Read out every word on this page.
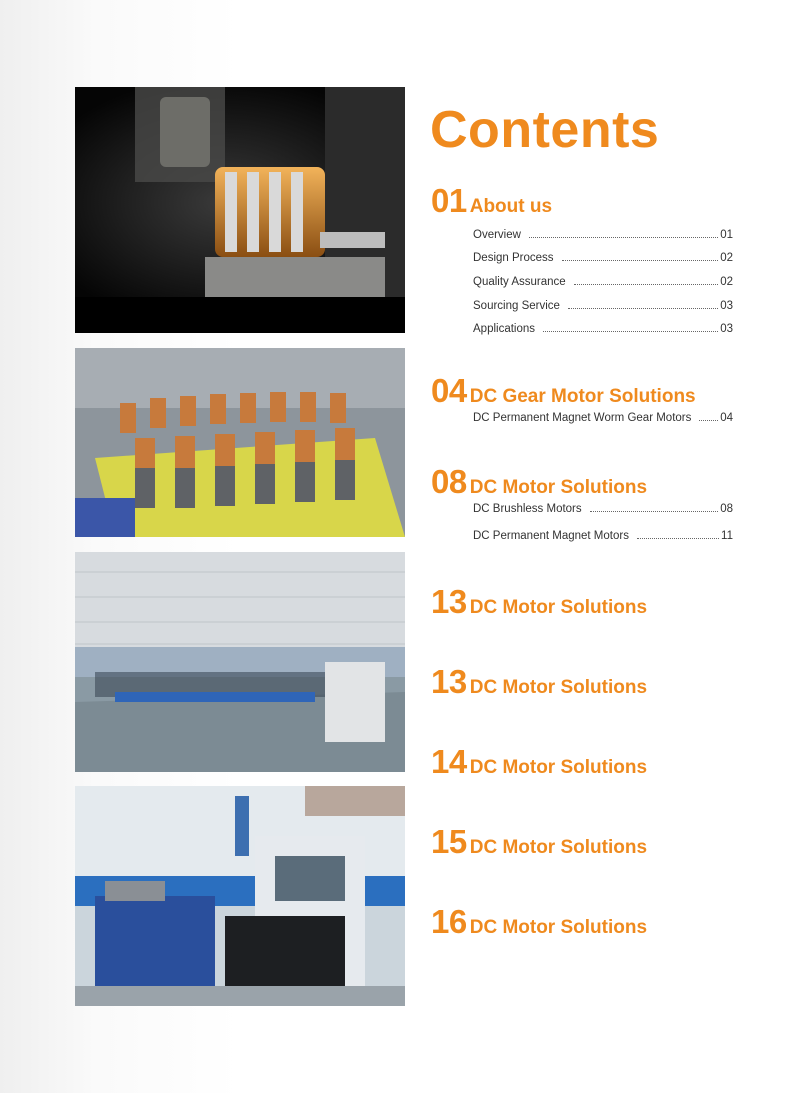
Contents
01 About us
Overview	01
Design Process	02
Quality Assurance	02
Sourcing Service	03
Applications	03
04 DC Gear Motor Solutions
DC Permanent Magnet Worm Gear Motors	04
08 DC Motor Solutions
DC Brushless Motors	08
DC Permanent Magnet Motors	11
13 DC Motor Solutions
13 DC Motor Solutions
14 DC Motor Solutions
15 DC Motor Solutions
16 DC Motor Solutions
